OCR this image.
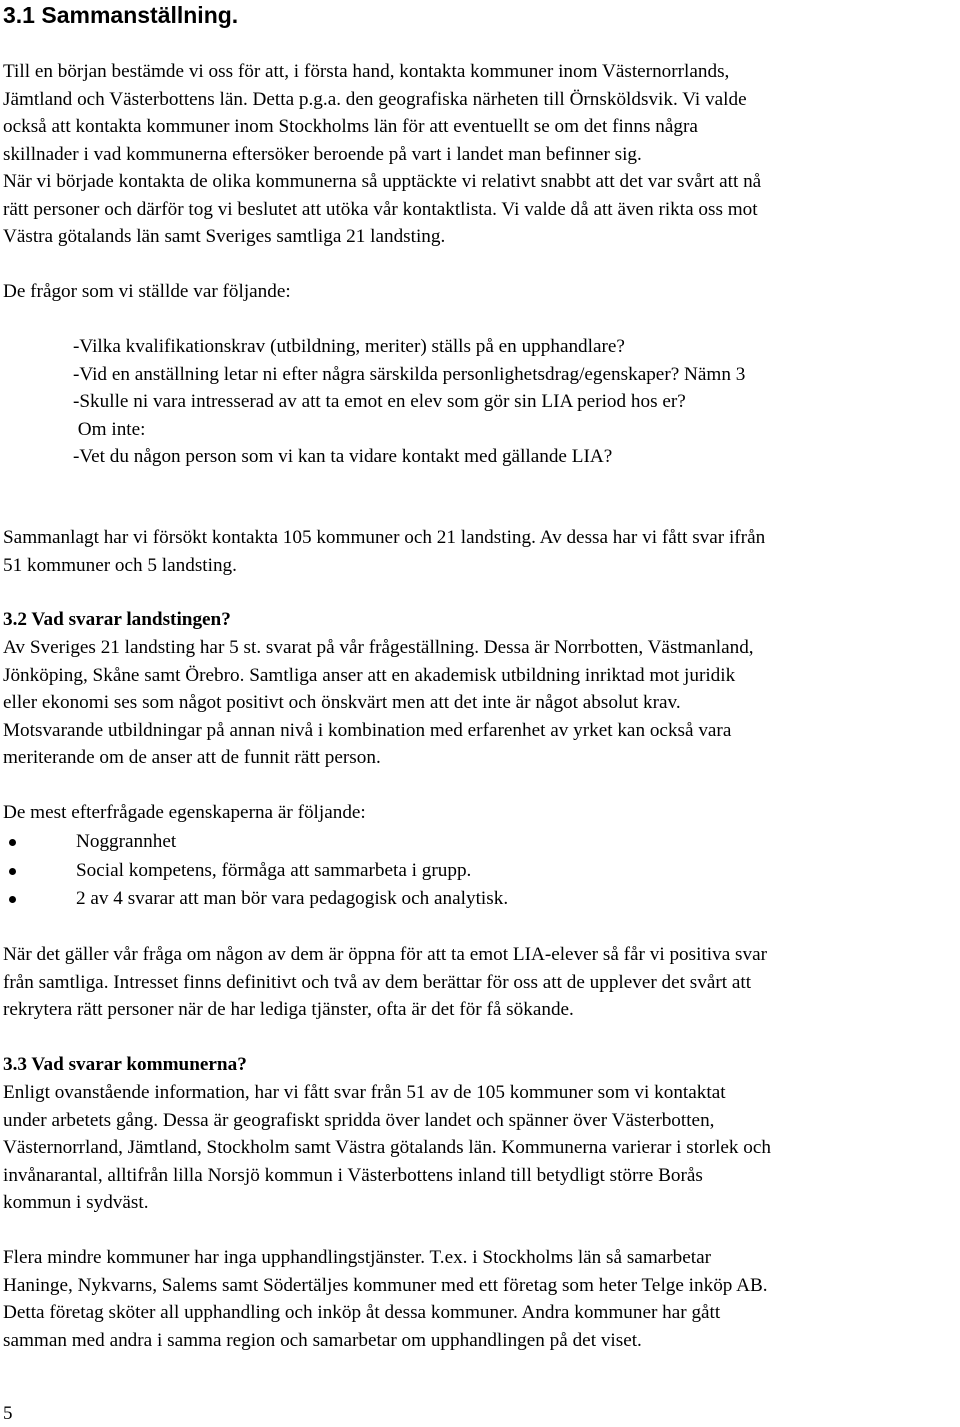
3.1 Sammanställning.

Till en början bestämde vi oss för att, i första hand, kontakta kommuner inom Västernorrlands,

Jämtland och Västerbottens län. Detta p.g.a. den geografiska närheten till Örnsköldsvik. Vi valde

också att kontakta kommuner inom Stockholms län för att eventuellt se om det finns några

skillnader i vad kommunerna eftersöker beroende på vart i landet man befinner sig.

När vi började kontakta de olika kommunerna så upptäckte vi relativt snabbt att det var svårt att nå

rätt personer och därför tog vi beslutet att utöka vår kontaktlista. Vi valde då att även rikta oss mot

Västra götalands län samt Sveriges samtliga 21 landsting.

De frågor som vi ställde var följande:

-Vilka kvalifikationskrav (utbildning, meriter) ställs på en upphandlare?

-Vid en anställning letar ni efter några särskilda personlighetsdrag/egenskaper? Nämn 3

-Skulle ni vara intresserad av att ta emot en elev som gör sin LIA period hos er?

Om inte:

-Vet du någon person som vi kan ta vidare kontakt med gällande LIA?

Sammanlagt har vi försökt kontakta 105 kommuner och 21 landsting. Av dessa har vi fått svar ifrån

51 kommuner och 5 landsting.

3.2 Vad svarar landstingen?

Av Sveriges 21 landsting har 5 st. svarat på vår frågeställning. Dessa är Norrbotten, Västmanland,

Jönköping, Skåne samt Örebro. Samtliga anser att en akademisk utbildning inriktad mot juridik

eller ekonomi ses som något positivt och önskvärt men att det inte är något absolut krav.

Motsvarande utbildningar på annan nivå i kombination med erfarenhet av yrket kan också vara

meriterande om de anser att de funnit rätt person.

De mest efterfrågade egenskaperna är följande:

Noggrannhet
Social kompetens, förmåga att sammarbeta i grupp.
2 av 4 svarar att man bör vara pedagogisk och analytisk.

När det gäller vår fråga om någon av dem är öppna för att ta emot LIA-elever så får vi positiva svar

från samtliga. Intresset finns definitivt och två av dem berättar för oss att de upplever det svårt att

rekrytera rätt personer när de har lediga tjänster, ofta är det för få sökande.

3.3 Vad svarar kommunerna?

Enligt ovanstående information, har vi fått svar från 51 av de 105 kommuner som vi kontaktat

under arbetets gång. Dessa är geografiskt spridda över landet och spänner över Västerbotten,

Västernorrland, Jämtland, Stockholm samt Västra götalands län. Kommunerna varierar i storlek och

invånarantal, alltifrån lilla Norsjö kommun i Västerbottens inland till betydligt större Borås

kommun i sydväst.

Flera mindre kommuner har inga upphandlingstjänster. T.ex. i Stockholms län så samarbetar

Haninge, Nykvarns, Salems samt Södertäljes kommuner med ett företag som heter Telge inköp AB.

Detta företag sköter all upphandling och inköp åt dessa kommuner. Andra kommuner har gått

samman med andra i samma region och samarbetar om upphandlingen på det viset.

5
